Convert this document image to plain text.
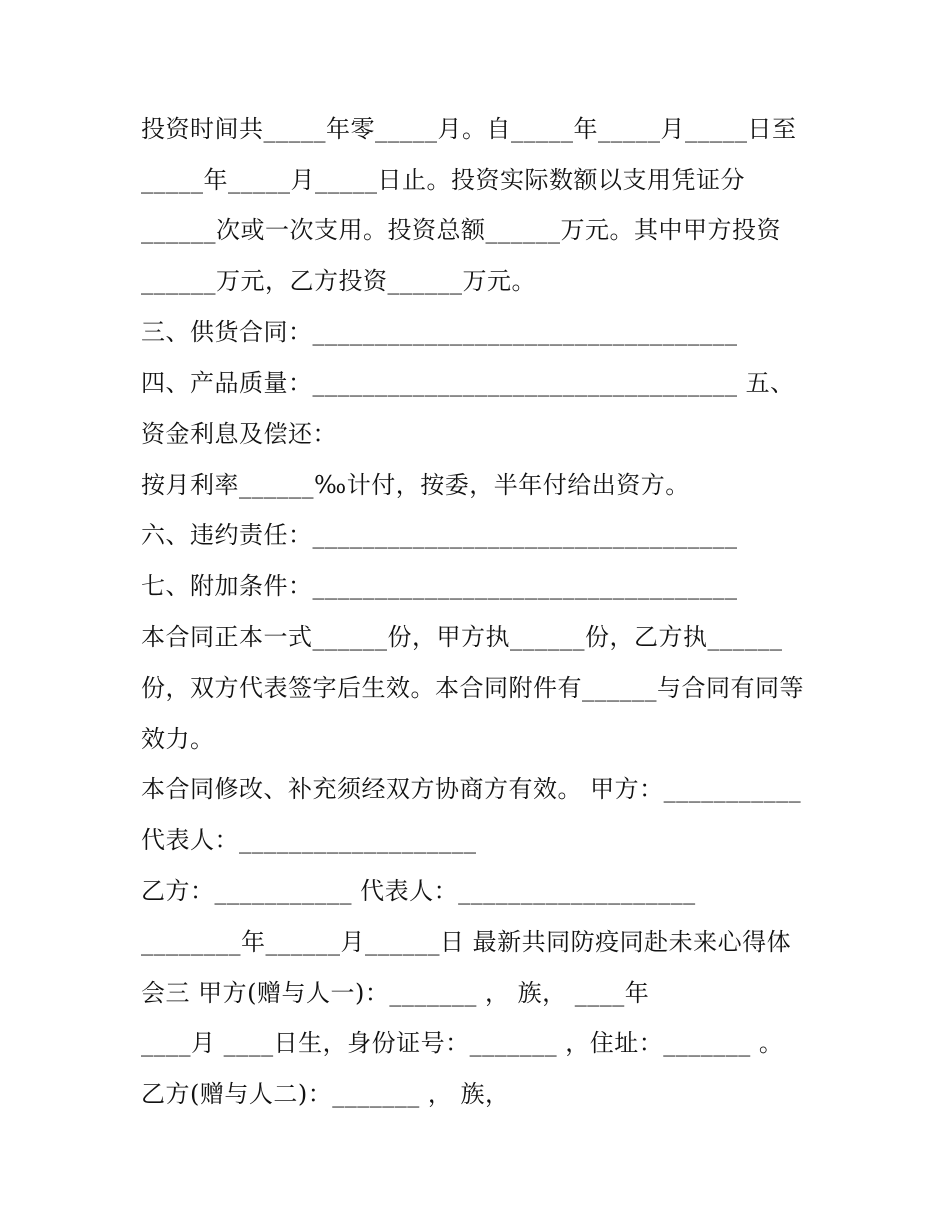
投资时间共_____年零_____月。自_____年_____月_____日至
_____年_____月_____日止。投资实际数额以支用凭证分
______次或一次支用。投资总额______万元。其中甲方投资
______万元，乙方投资______万元。
三、供货合同：__________________________________
四、产品质量：__________________________________ 五、
资金利息及偿还：
按月利率______‰计付，按委，半年付给出资方。
六、违约责任：__________________________________
七、附加条件：__________________________________
本合同正本一式______份，甲方执______份，乙方执______
份，双方代表签字后生效。本合同附件有______与合同有同等
效力。
本合同修改、补充须经双方协商方有效。 甲方：___________
代表人：___________________
乙方：___________ 代表人：___________________
________年______月______日 最新共同防疫同赴未来心得体
会三 甲方(赠与人一)：_______ ， 族， ____年
____月 ____日生，身份证号：_______ ，住址：_______ 。
乙方(赠与人二)：_______ ， 族，
